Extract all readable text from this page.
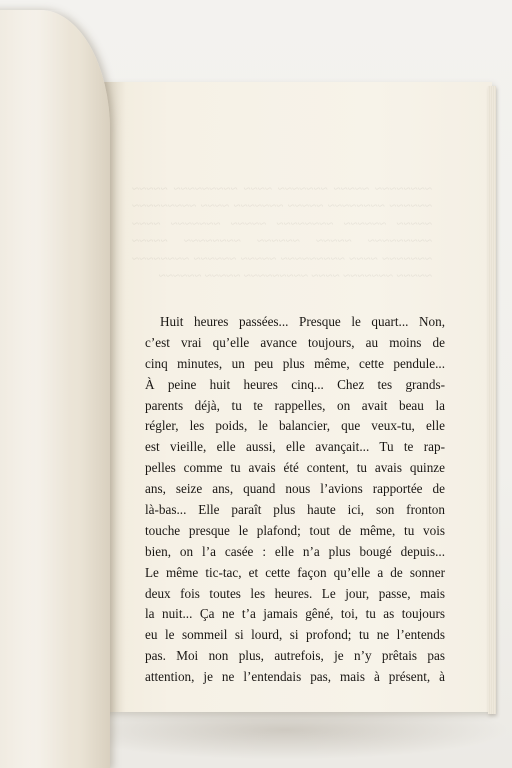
~~~~~~~~ ~~~~~ ~~~~~~~ ~~~~ ~~~~~~~~~ ~~~~~ ~~~~~~ ~~~~~~~~ ~~~~~ ~~~~~~~ ~~~~ ~~~~~~~~~ ~~~~~ ~~~~~~ ~~~~~~~~ ~~~~~ ~~~~~~~ ~~~~ ~~~~~~~~~ ~~~~~ ~~~~~~ ~~~~~~~~ ~~~~~ ~~~~~~~ ~~~~ ~~~~~~~~~ ~~~~~ ~~~~~~ ~~~~~~~~ ~~~~~ ~~~~~~~ ~~~~ ~~~~~~~~~ ~~~~~ ~~~~~~
Huit heures passées... Presque le quart... Non,
c’est vrai qu’elle avance toujours, au moins de
cinq minutes, un peu plus même, cette pendule...
À peine huit heures cinq... Chez tes grands-
parents déjà, tu te rappelles, on avait beau la
régler, les poids, le balancier, que veux-tu, elle
est vieille, elle aussi, elle avançait... Tu te rap-
pelles comme tu avais été content, tu avais quinze
ans, seize ans, quand nous l’avions rapportée de
là-bas... Elle paraît plus haute ici, son fronton
touche presque le plafond; tout de même, tu vois
bien, on l’a casée : elle n’a plus bougé depuis...
Le même tic-tac, et cette façon qu’elle a de sonner
deux fois toutes les heures. Le jour, passe, mais
la nuit... Ça ne t’a jamais gêné, toi, tu as toujours
eu le sommeil si lourd, si profond; tu ne l’entends
pas. Moi non plus, autrefois, je n’y prêtais pas
attention, je ne l’entendais pas, mais à présent, à
